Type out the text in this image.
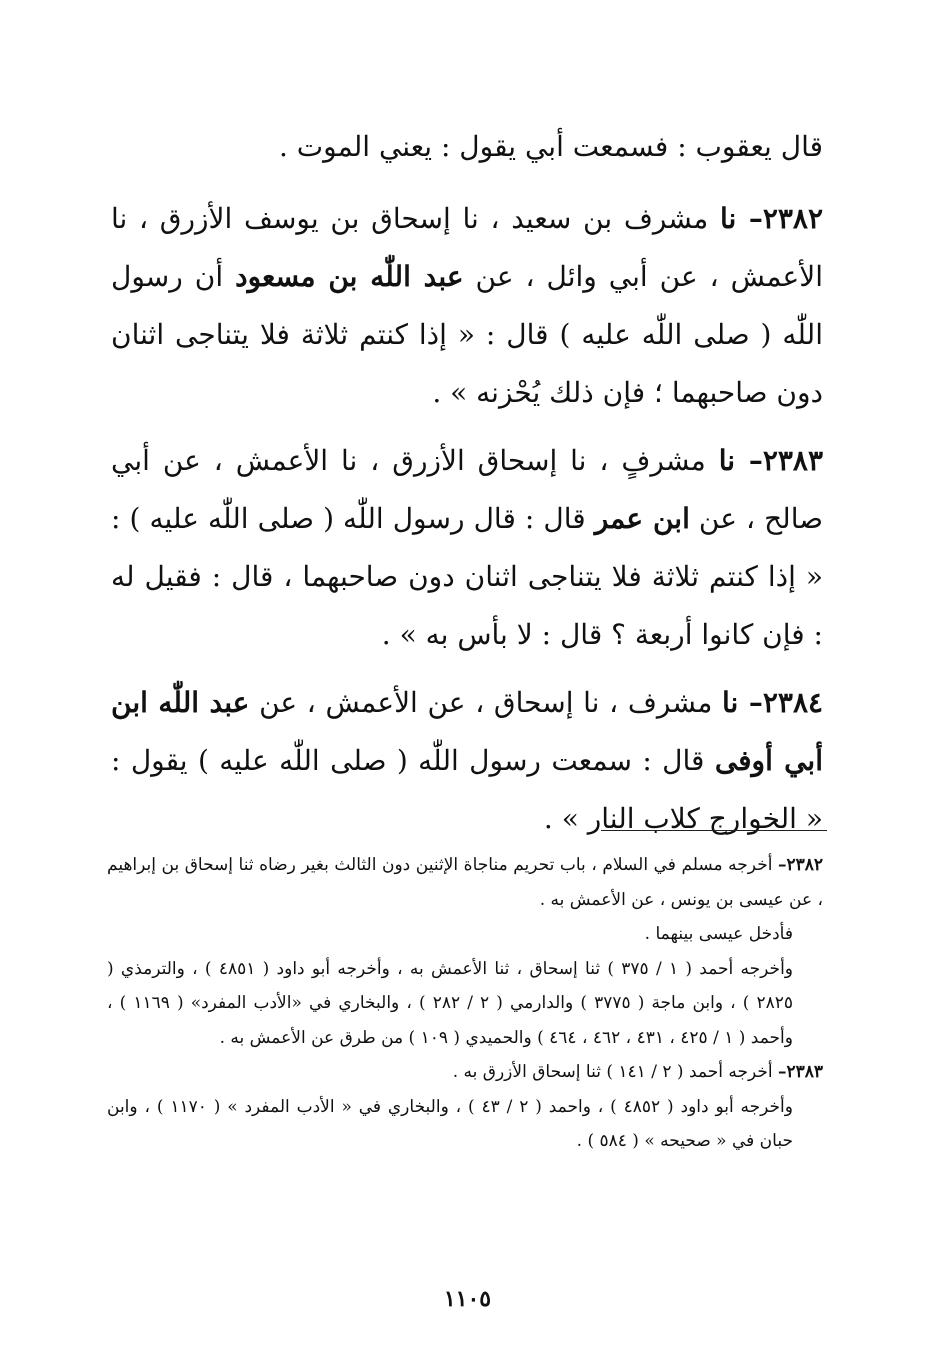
قال يعقوب : فسمعت أبي يقول : يعني الموت .

٢٣٨٢– نا مشرف بن سعيد ، نا إسحاق بن يوسف الأزرق ، نا الأعمش ، عن أبي وائل ، عن عبد اللّٰه بن مسعود أن رسول اللّٰه ( صلى اللّٰه عليه ) قال : « إذا كنتم ثلاثة فلا يتناجى اثنان دون صاحبهما ؛ فإن ذلك يُحْزنه » .

٢٣٨٣– نا مشرفٍ ، نا إسحاق الأزرق ، نا الأعمش ، عن أبي صالح ، عن ابن عمر قال : قال رسول اللّٰه ( صلى اللّٰه عليه ) : « إذا كنتم ثلاثة فلا يتناجى اثنان دون صاحبهما ، قال : فقيل له : فإن كانوا أربعة ؟ قال : لا بأس به » .

٢٣٨٤– نا مشرف ، نا إسحاق ، عن الأعمش ، عن عبد اللّٰه ابن أبي أوفى قال : سمعت رسول اللّٰه ( صلى اللّٰه عليه ) يقول : « الخوارج كلاب النار » .

٢٣٨٢– أخرجه مسلم في السلام ، باب تحريم مناجاة الإثنين دون الثالث بغير رضاه ثنا إسحاق بن إبراهيم ، عن عيسى بن يونس ، عن الأعمش به .

فأدخل عيسى بينهما .

وأخرجه أحمد ( ١ / ٣٧٥ ) ثنا إسحاق ، ثنا الأعمش به ، وأخرجه أبو داود ( ٤٨٥١ ) ، والترمذي ( ٢٨٢٥ ) ، وابن ماجة ( ٣٧٧٥ ) والدارمي ( ٢ / ٢٨٢ ) ، والبخاري في «الأدب المفرد» ( ١١٦٩ ) ، وأحمد ( ١ / ٤٢٥ ، ٤٣١ ، ٤٦٢ ، ٤٦٤ ) والحميدي ( ١٠٩ ) من طرق عن الأعمش به .

٢٣٨٣– أخرجه أحمد ( ٢ / ١٤١ ) ثنا إسحاق الأزرق به .

وأخرجه أبو داود ( ٤٨٥٢ ) ، واحمد ( ٢ / ٤٣ ) ، والبخاري في « الأدب المفرد » ( ١١٧٠ ) ، وابن حبان في « صحيحه » ( ٥٨٤ ) .

١١٠٥
